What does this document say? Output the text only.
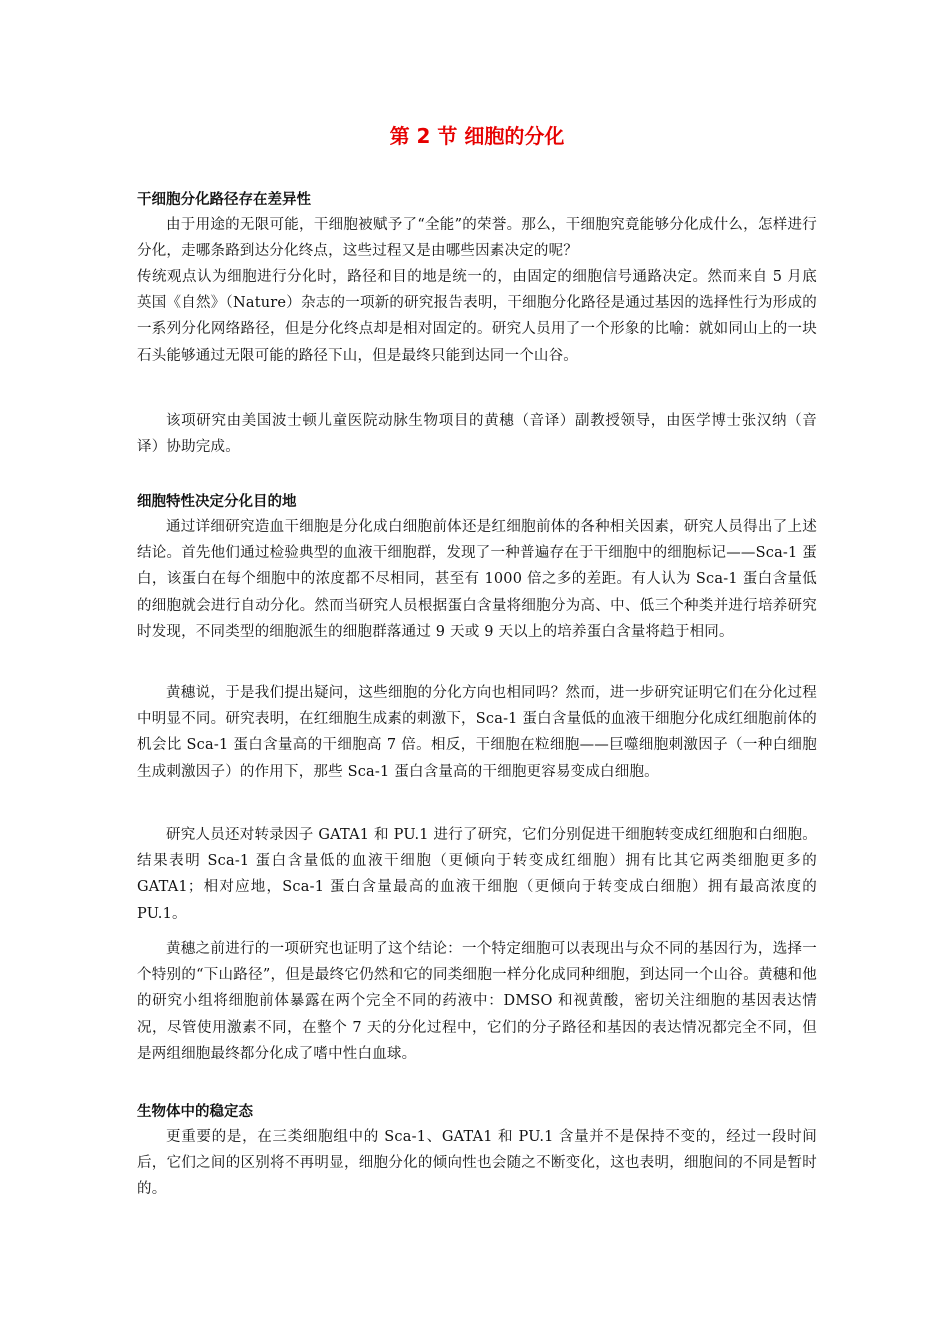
第 2 节 细胞的分化
干细胞分化路径存在差异性
由于用途的无限可能，干细胞被赋予了“全能”的荣誉。那么，干细胞究竟能够分化成什么，怎样进行分化，走哪条路到达分化终点，这些过程又是由哪些因素决定的呢？
传统观点认为细胞进行分化时，路径和目的地是统一的，由固定的细胞信号通路决定。然而来自 5 月底英国《自然》（Nature）杂志的一项新的研究报告表明，干细胞分化路径是通过基因的选择性行为形成的一系列分化网络路径，但是分化终点却是相对固定的。研究人员用了一个形象的比喻：就如同山上的一块石头能够通过无限可能的路径下山，但是最终只能到达同一个山谷。
该项研究由美国波士顿儿童医院动脉生物项目的黄穗（音译）副教授领导，由医学博士张汉纳（音译）协助完成。
细胞特性决定分化目的地
通过详细研究造血干细胞是分化成白细胞前体还是红细胞前体的各种相关因素，研究人员得出了上述结论。首先他们通过检验典型的血液干细胞群，发现了一种普遍存在于干细胞中的细胞标记——Sca-1 蛋白，该蛋白在每个细胞中的浓度都不尽相同，甚至有 1000 倍之多的差距。有人认为 Sca-1 蛋白含量低的细胞就会进行自动分化。然而当研究人员根据蛋白含量将细胞分为高、中、低三个种类并进行培养研究时发现，不同类型的细胞派生的细胞群落通过 9 天或 9 天以上的培养蛋白含量将趋于相同。
黄穗说，于是我们提出疑问，这些细胞的分化方向也相同吗？然而，进一步研究证明它们在分化过程中明显不同。研究表明，在红细胞生成素的刺激下，Sca-1 蛋白含量低的血液干细胞分化成红细胞前体的机会比 Sca-1 蛋白含量高的干细胞高 7 倍。相反，干细胞在粒细胞——巨噬细胞刺激因子（一种白细胞生成刺激因子）的作用下，那些 Sca-1 蛋白含量高的干细胞更容易变成白细胞。
研究人员还对转录因子 GATA1 和 PU.1 进行了研究，它们分别促进干细胞转变成红细胞和白细胞。结果表明 Sca-1 蛋白含量低的血液干细胞（更倾向于转变成红细胞）拥有比其它两类细胞更多的 GATA1；相对应地，Sca-1 蛋白含量最高的血液干细胞（更倾向于转变成白细胞）拥有最高浓度的 PU.1。
黄穗之前进行的一项研究也证明了这个结论：一个特定细胞可以表现出与众不同的基因行为，选择一个特别的“下山路径”，但是最终它仍然和它的同类细胞一样分化成同种细胞，到达同一个山谷。黄穗和他的研究小组将细胞前体暴露在两个完全不同的药液中：DMSO 和视黄酸，密切关注细胞的基因表达情况，尽管使用激素不同，在整个 7 天的分化过程中，它们的分子路径和基因的表达情况都完全不同，但是两组细胞最终都分化成了嗜中性白血球。
生物体中的稳定态
更重要的是，在三类细胞组中的 Sca-1、GATA1 和 PU.1 含量并不是保持不变的，经过一段时间后，它们之间的区别将不再明显，细胞分化的倾向性也会随之不断变化，这也表明，细胞间的不同是暂时的。
